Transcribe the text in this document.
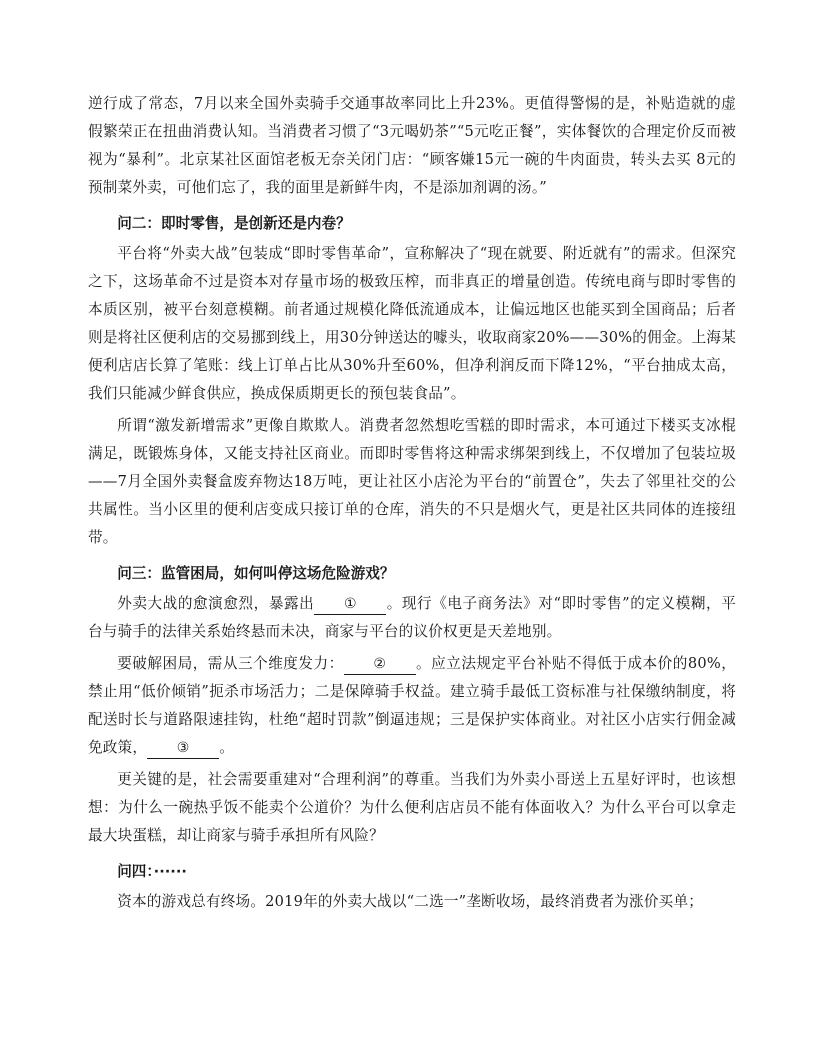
逆行成了常态，7月以来全国外卖骑手交通事故率同比上升23%。更值得警惕的是，补贴造就的虚假繁荣正在扭曲消费认知。当消费者习惯了“3元喝奶茶”“5元吃正餐”，实体餐饮的合理定价反而被视为“暴利”。北京某社区面馆老板无奈关闭门店：“顾客嫌15元一碗的牛肉面贵，转头去买 8元的预制菜外卖，可他们忘了，我的面里是新鲜牛肉，不是添加剂调的汤。”

问二：即时零售，是创新还是内卷？

平台将“外卖大战”包装成“即时零售革命”，宣称解决了“现在就要、附近就有”的需求。但深究之下，这场革命不过是资本对存量市场的极致压榨，而非真正的增量创造。传统电商与即时零售的本质区别，被平台刻意模糊。前者通过规模化降低流通成本，让偏远地区也能买到全国商品；后者则是将社区便利店的交易挪到线上，用30分钟送达的噱头，收取商家20%——30%的佣金。上海某便利店店长算了笔账：线上订单占比从30%升至60%，但净利润反而下降12%，“平台抽成太高，我们只能减少鲜食供应，换成保质期更长的预包装食品”。

所谓“激发新增需求”更像自欺欺人。消费者忽然想吃雪糕的即时需求，本可通过下楼买支冰棍满足，既锻炼身体，又能支持社区商业。而即时零售将这种需求绑架到线上，不仅增加了包装垃圾——7月全国外卖餐盒废弃物达18万吨，更让社区小店沦为平台的“前置仓”，失去了邻里社交的公共属性。当小区里的便利店变成只接订单的仓库，消失的不只是烟火气，更是社区共同体的连接纽带。

问三：监管困局，如何叫停这场危险游戏？

外卖大战的愈演愈烈，暴露出 ① 。现行《电子商务法》对“即时零售”的定义模糊，平台与骑手的法律关系始终悬而未决，商家与平台的议价权更是天差地别。

要破解困局，需从三个维度发力： ② 。应立法规定平台补贴不得低于成本价的80%，禁止用“低价倾销”扼杀市场活力；二是保障骑手权益。建立骑手最低工资标准与社保缴纳制度，将配送时长与道路限速挂钩，杜绝“超时罚款”倒逼违规；三是保护实体商业。对社区小店实行佣金减免政策， ③ 。

更关键的是，社会需要重建对“合理利润”的尊重。当我们为外卖小哥送上五星好评时，也该想想：为什么一碗热乎饭不能卖个公道价？为什么便利店店员不能有体面收入？为什么平台可以拿走最大块蛋糕，却让商家与骑手承担所有风险？

问四：······

资本的游戏总有终场。2019年的外卖大战以“二选一”垄断收场，最终消费者为涨价买单；
